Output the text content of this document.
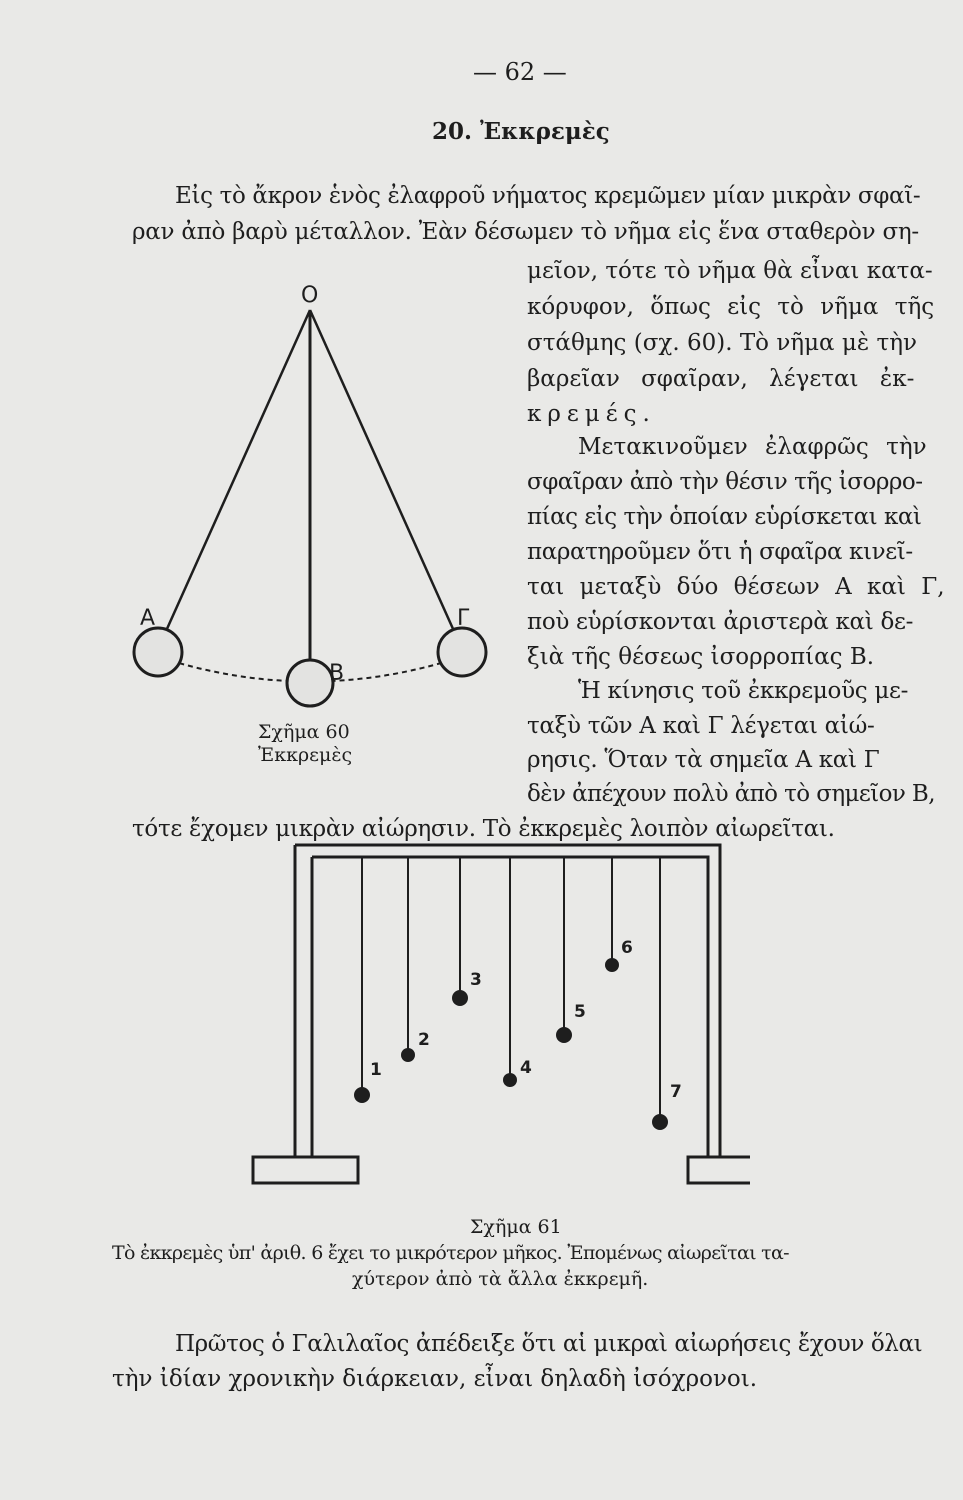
— 62 —
20. Ἐκκρεμὲς
Εἰς τὸ ἄκρον ἑνὸς ἐλαφροῦ νήματος κρεμῶμεν μίαν μικρὰν σφαῖ-
ραν ἀπὸ βαρὺ μέταλλον. Ἐὰν δέσωμεν τὸ νῆμα εἰς ἕνα σταθερὸν ση-
μεῖον, τότε τὸ νῆμα θὰ εἶναι κατα-
κόρυφον, ὅπως εἰς τὸ νῆμα τῆς
στάθμης (σχ. 60). Τὸ νῆμα μὲ τὴν
βαρεῖαν σφαῖραν, λέγεται ἐκ-
κρεμές.
Μετακινοῦμεν ἐλαφρῶς τὴν
σφαῖραν ἀπὸ τὴν θέσιν τῆς ἰσορρο-
πίας εἰς τὴν ὁποίαν εὑρίσκεται καὶ
παρατηροῦμεν ὅτι ἡ σφαῖρα κινεῖ-
ται μεταξὺ δύο θέσεων Α καὶ Γ,
ποὺ εὑρίσκονται ἀριστερὰ καὶ δε-
ξιὰ τῆς θέσεως ἰσορροπίας Β.
Ἡ κίνησις τοῦ ἐκκρεμοῦς με-
ταξὺ τῶν Α καὶ Γ λέγεται αἰώ-
ρησις. Ὅταν τὰ σημεῖα Α καὶ Γ
δὲν ἀπέχουν πολὺ ἀπὸ τὸ σημεῖον Β,
τότε ἔχομεν μικρὰν αἰώρησιν. Τὸ ἐκκρεμὲς λοιπὸν αἰωρεῖται.
Σχῆμα 60
Ἐκκρεμὲς
Ο
Α
Β
Γ
1
2
3
4
5
6
7
Σχῆμα 61
Τὸ ἐκκρεμὲς ὑπ' ἀριθ. 6 ἔχει το μικρότερον μῆκος. Ἐπομένως αἰωρεῖται τα-
χύτερον ἀπὸ τὰ ἄλλα ἐκκρεμῆ.
Πρῶτος ὁ Γαλιλαῖος ἀπέδειξε ὅτι αἱ μικραὶ αἰωρήσεις ἔχουν ὅλαι
τὴν ἰδίαν χρονικὴν διάρκειαν, εἶναι δηλαδὴ ἰσόχρονοι.
